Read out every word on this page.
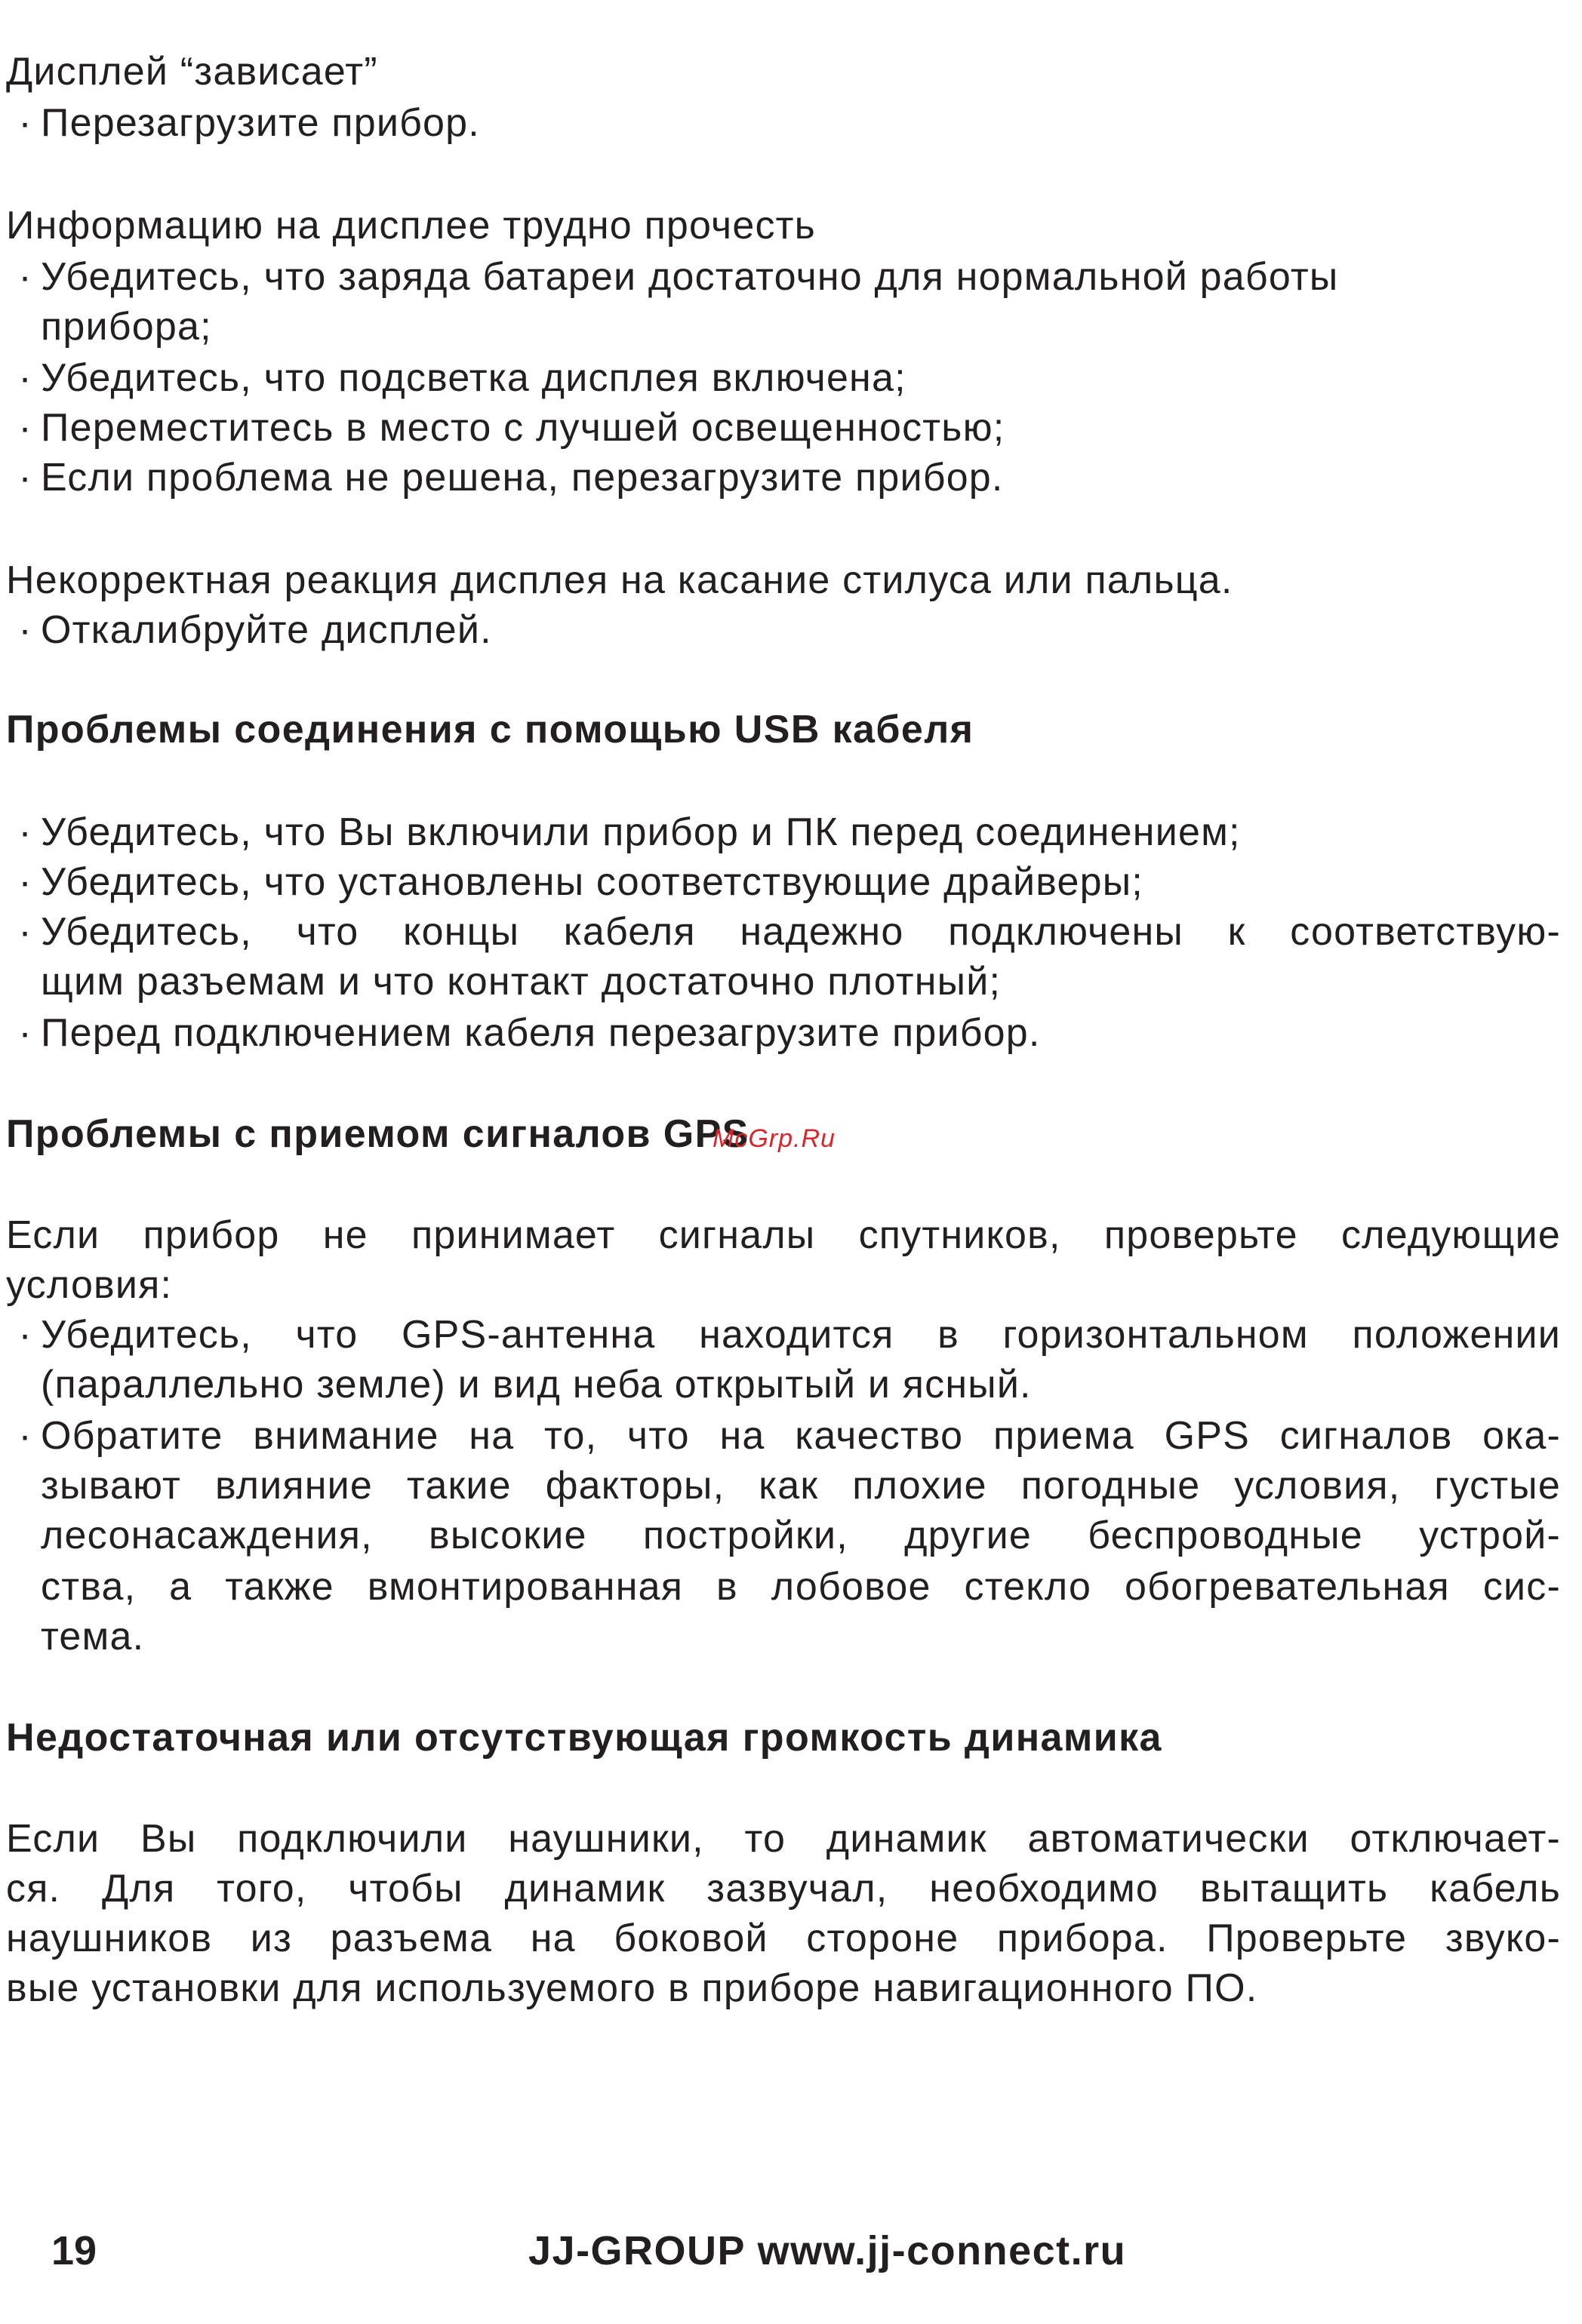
Дисплей “зависает”
· Перезагрузите прибор.
Информацию на дисплее трудно прочесть
· Убедитесь, что заряда батареи достаточно для нормальной работы
прибора;
· Убедитесь, что подсветка дисплея включена;
· Переместитесь в место с лучшей освещенностью;
· Если проблема не решена, перезагрузите прибор.
Некорректная реакция дисплея на касание стилуса или пальца.
· Откалибруйте дисплей.
Проблемы соединения с помощью USB кабеля
· Убедитесь, что Вы включили прибор и ПК перед соединением;
· Убедитесь, что установлены соответствующие драйверы;
· Убедитесь, что концы кабеля надежно подключены к соответствую-
щим разъемам и что контакт достаточно плотный;
· Перед подключением кабеля перезагрузите прибор.
Проблемы с приемом сигналов GPS
Если прибор не принимает сигналы спутников, проверьте следующие
условия:
· Убедитесь, что GPS-антенна находится в горизонтальном положении
(параллельно земле) и вид неба открытый и ясный.
· Обратите внимание на то, что на качество приема GPS сигналов ока-
зывают влияние такие факторы, как плохие погодные условия, густые
лесонасаждения, высокие постройки, другие беспроводные устрой-
ства, а также вмонтированная в лобовое стекло обогревательная сис-
тема.
Недостаточная или отсутствующая громкость динамика
Если Вы подключили наушники, то динамик автоматически отключает-
ся. Для того, чтобы динамик зазвучал, необходимо вытащить кабель
наушников из разъема на боковой стороне прибора. Проверьте звуко-
вые установки для используемого в приборе навигационного ПО.
McGrp.Ru
19	JJ-GROUP www.jj-connect.ru
